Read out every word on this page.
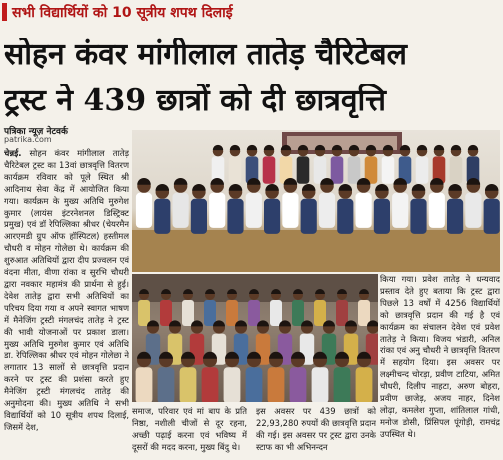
सभी विद्यार्थियों को 10 सूत्रीय शपथ दिलाई
सोहन कंवर मांगीलाल तातेड़ चैरिटेबल
ट्रस्ट ने 439 छात्रों को दी छात्रवृत्ति
पत्रिका न्यूज़ नेटवर्क
patrika.com

चेन्नई. सोहन कंवर मांगीलाल तातेड़ चैरिटेबल ट्रस्ट का 13वां छात्रवृत्ति वितरण कार्यक्रम रविवार को पूले स्थित श्री आदिनाथ सेवा केंद्र में आयोजित किया गया। कार्यक्रम के मुख्य अतिथि मुरुगेश कुमार (लायंस इंटरनेशनल डिस्ट्रिक्ट प्रमुख) एवं डॉ रेपिल्लिका श्रीधर (चेयरमैन आरएमडी ग्रुप ऑफ हॉस्पिटल) हस्तीमल चौधरी व मोहन गोलेछा थे। कार्यक्रम की शुरुआत अतिथियों द्वारा दीप प्रज्वलन एवं वंदना मीता, वीणा रांका व सुरभि चौधरी द्वारा नवकार महामंत्र की प्रार्थना से हुई। देवेश तातेड़ द्वारा सभी अतिथियों का परिचय दिया गया व अपने स्वागत भाषण में मैनेजिंग ट्रस्टी मंगलचंद तातेड़ ने ट्रस्ट की भावी योजनाओं पर प्रकाश डाला। मुख्य अतिथि मुरुगेश कुमार एवं अतिथि डा. रेपिल्लिका श्रीधर एवं मोहन गोलेछा ने लगातार 13 सालों से छात्रवृत्ति प्रदान करने पर ट्रस्ट की प्रशंसा करते हुए मैनेजिंग ट्रस्टी मंगलचंद तातेड़ की अनुमोदना की। मुख्य अतिथि ने सभी विद्यार्थियों को 10 सूत्रीय शपथ दिलाई, जिसमें देश,

समाज, परिवार एवं मां बाप के प्रति निष्ठा, नशीली चीजों से दूर रहना, अच्छी पढ़ाई करना एवं भविष्य में दूसरों की मदद करना, मुख्य बिंदु थे।

इस अवसर पर 439 छात्रों को 22,93,280 रुपयों की छात्रवृत्ति प्रदान की गई। इस अवसर पर ट्रस्ट द्वारा उनके स्टाफ का भी अभिनन्दन

किया गया। प्रवेश तातेड़ ने धन्यवाद प्रस्ताव देते हुए बताया कि ट्रस्ट द्वारा पिछले 13 वर्षों में 4256 विद्यार्थियों को छात्रवृत्ति प्रदान की गई है एवं कार्यक्रम का संचालन देवेश एवं प्रवेश तातेड़ ने किया। विजय भंडारी, अनिल रांका एवं अनु चौधरी ने छात्रवृत्ति वितरण में सहयोग दिया। इस अवसर पर लक्ष्मीचन्द चोरड़ा, प्रवीण टाटिया, अमित चौधरी, दिलीप नाहटा, अरुण बोहरा, प्रवीण छाजेड़, अजय नाहर, दिनेश लोढ़ा, कमलेश गुप्ता, शांतिलाल गांधी, मनोज डोसी, प्रिंसिपल पूंगोड़ी, रामचंद्र उपस्थित थे।
